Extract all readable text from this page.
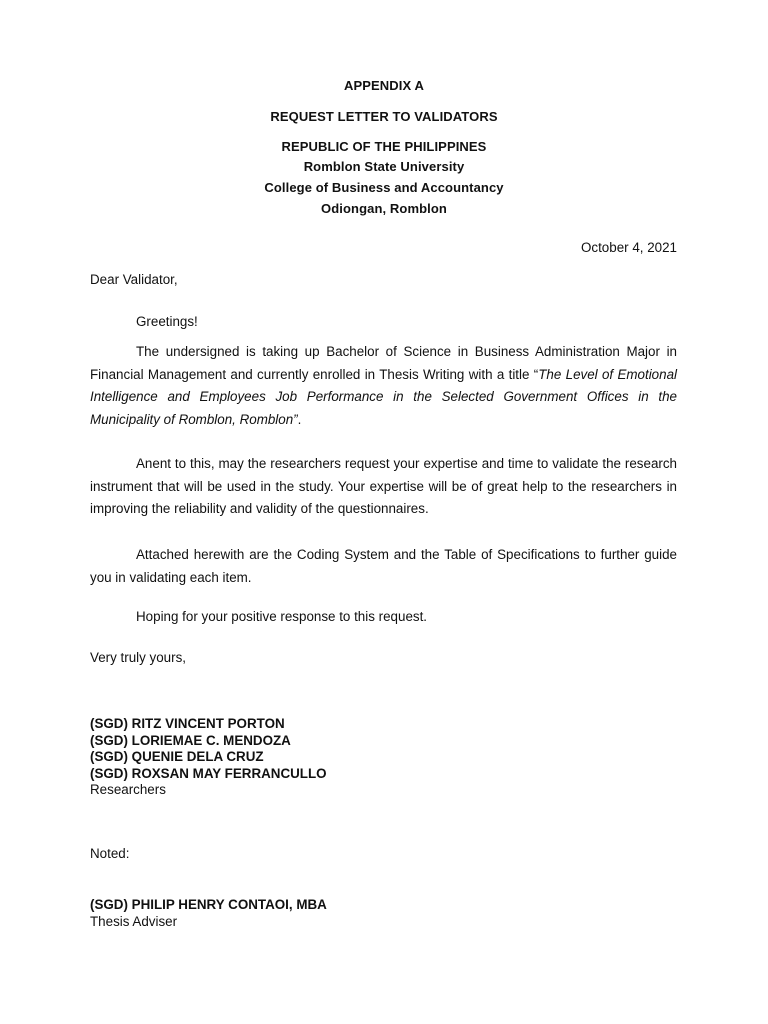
APPENDIX A
REQUEST LETTER TO VALIDATORS
REPUBLIC OF THE PHILIPPINES
Romblon State University
College of Business and Accountancy
Odiongan, Romblon
October 4, 2021
Dear Validator,
Greetings!

The undersigned is taking up Bachelor of Science in Business Administration Major in Financial Management and currently enrolled in Thesis Writing with a title “The Level of Emotional Intelligence and Employees Job Performance in the Selected Government Offices in the Municipality of Romblon, Romblon”.

Anent to this, may the researchers request your expertise and time to validate the research instrument that will be used in the study. Your expertise will be of great help to the researchers in improving the reliability and validity of the questionnaires.

Attached herewith are the Coding System and the Table of Specifications to further guide you in validating each item.

Hoping for your positive response to this request.

Very truly yours,
(SGD) RITZ VINCENT PORTON
(SGD) LORIEMAE C. MENDOZA
(SGD) QUENIE DELA CRUZ
(SGD) ROXSAN MAY FERRANCULLO
Researchers
Noted:
(SGD) PHILIP HENRY CONTAOI, MBA
Thesis Adviser
